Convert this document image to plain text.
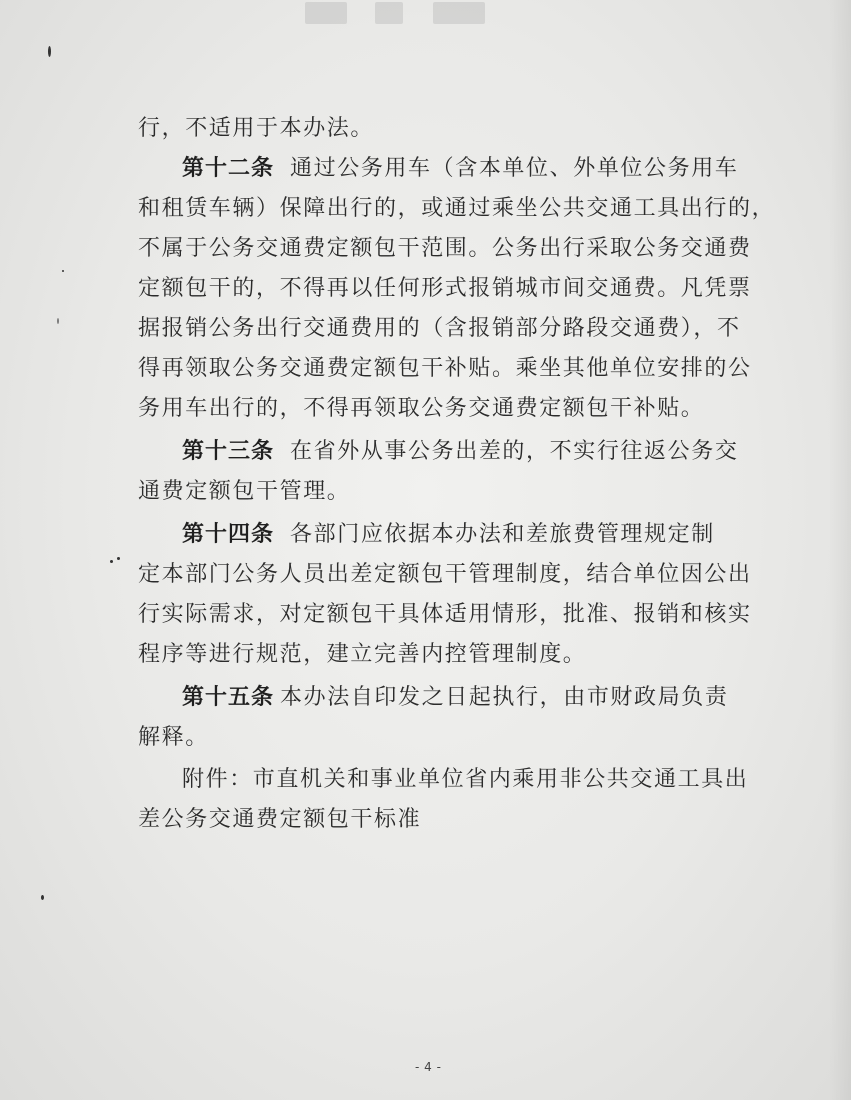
行，不适用于本办法。
第十二条 通过公务用车（含本单位、外单位公务用车
和租赁车辆）保障出行的，或通过乘坐公共交通工具出行的，
不属于公务交通费定额包干范围。公务出行采取公务交通费
定额包干的，不得再以任何形式报销城市间交通费。凡凭票
据报销公务出行交通费用的（含报销部分路段交通费），不
得再领取公务交通费定额包干补贴。乘坐其他单位安排的公
务用车出行的，不得再领取公务交通费定额包干补贴。
第十三条 在省外从事公务出差的，不实行往返公务交
通费定额包干管理。
第十四条 各部门应依据本办法和差旅费管理规定制
定本部门公务人员出差定额包干管理制度，结合单位因公出
行实际需求，对定额包干具体适用情形，批准、报销和核实
程序等进行规范，建立完善内控管理制度。
第十五条 本办法自印发之日起执行，由市财政局负责
解释。
附件：市直机关和事业单位省内乘用非公共交通工具出
差公务交通费定额包干标准
- 4 -
